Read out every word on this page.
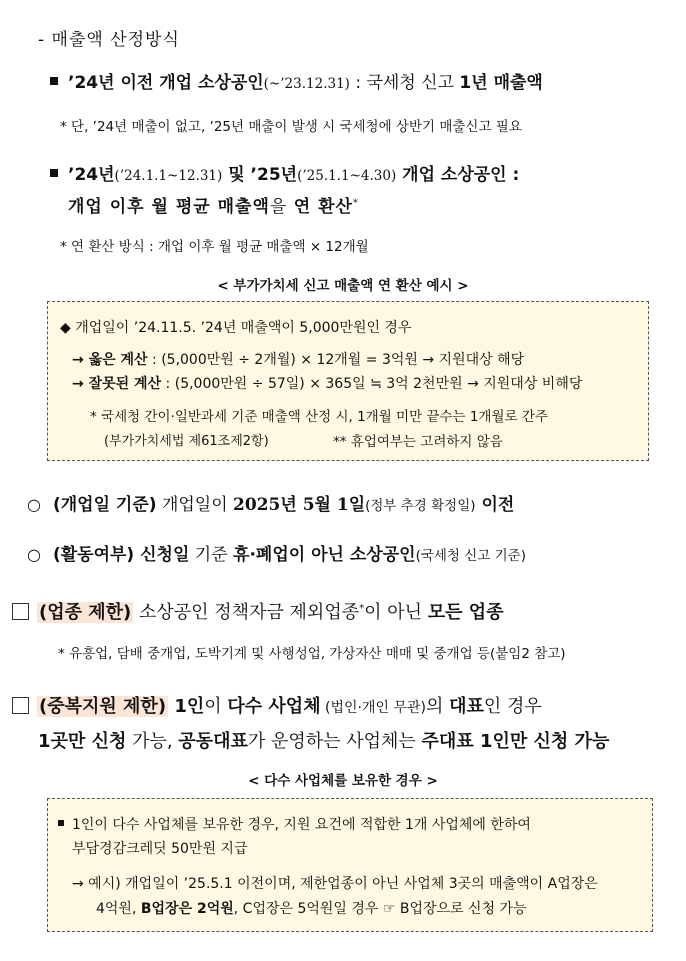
- 매출액 산정방식
’24년 이전 개업 소상공인(~’23.12.31) : 국세청 신고 1년 매출액
* 단, ’24년 매출이 없고, ’25년 매출이 발생 시 국세청에 상반기 매출신고 필요
’24년(’24.1.1~12.31) 및 ’25년(’25.1.1~4.30) 개업 소상공인 :
개업 이후 월 평균 매출액을 연 환산*
* 연 환산 방식 : 개업 이후 월 평균 매출액 × 12개월
< 부가가치세 신고 매출액 연 환산 예시 >
◆ 개업일이 ’24.11.5. ’24년 매출액이 5,000만원인 경우
→ 옳은 계산 : (5,000만원 ÷ 2개월) × 12개월 = 3억원 → 지원대상 해당
→ 잘못된 계산 : (5,000만원 ÷ 57일) × 365일 ≒ 3억 2천만원 → 지원대상 비해당
* 국세청 간이·일반과세 기준 매출액 산정 시, 1개월 미만 끝수는 1개월로 간주
(부가가치세법 제61조제2항)	** 휴업여부는 고려하지 않음
○ (개업일 기준) 개업일이 2025년 5월 1일(정부 추경 확정일) 이전
○ (활동여부) 신청일 기준 휴·폐업이 아닌 소상공인(국세청 신고 기준)
(업종 제한) 소상공인 정책자금 제외업종*이 아닌 모든 업종
* 유흥업, 담배 중개업, 도박기계 및 사행성업, 가상자산 매매 및 중개업 등(붙임2 참고)
(중복지원 제한) 1인이 다수 사업체 (법인·개인 무관)의 대표인 경우
1곳만 신청 가능, 공동대표가 운영하는 사업체는 주대표 1인만 신청 가능
< 다수 사업체를 보유한 경우 >
1인이 다수 사업체를 보유한 경우, 지원 요건에 적합한 1개 사업체에 한하여
부담경감크레딧 50만원 지급
→ 예시) 개업일이 ’25.5.1 이전이며, 제한업종이 아닌 사업체 3곳의 매출액이 A업장은
4억원, B업장은 2억원, C업장은 5억원일 경우 ☞ B업장으로 신청 가능
